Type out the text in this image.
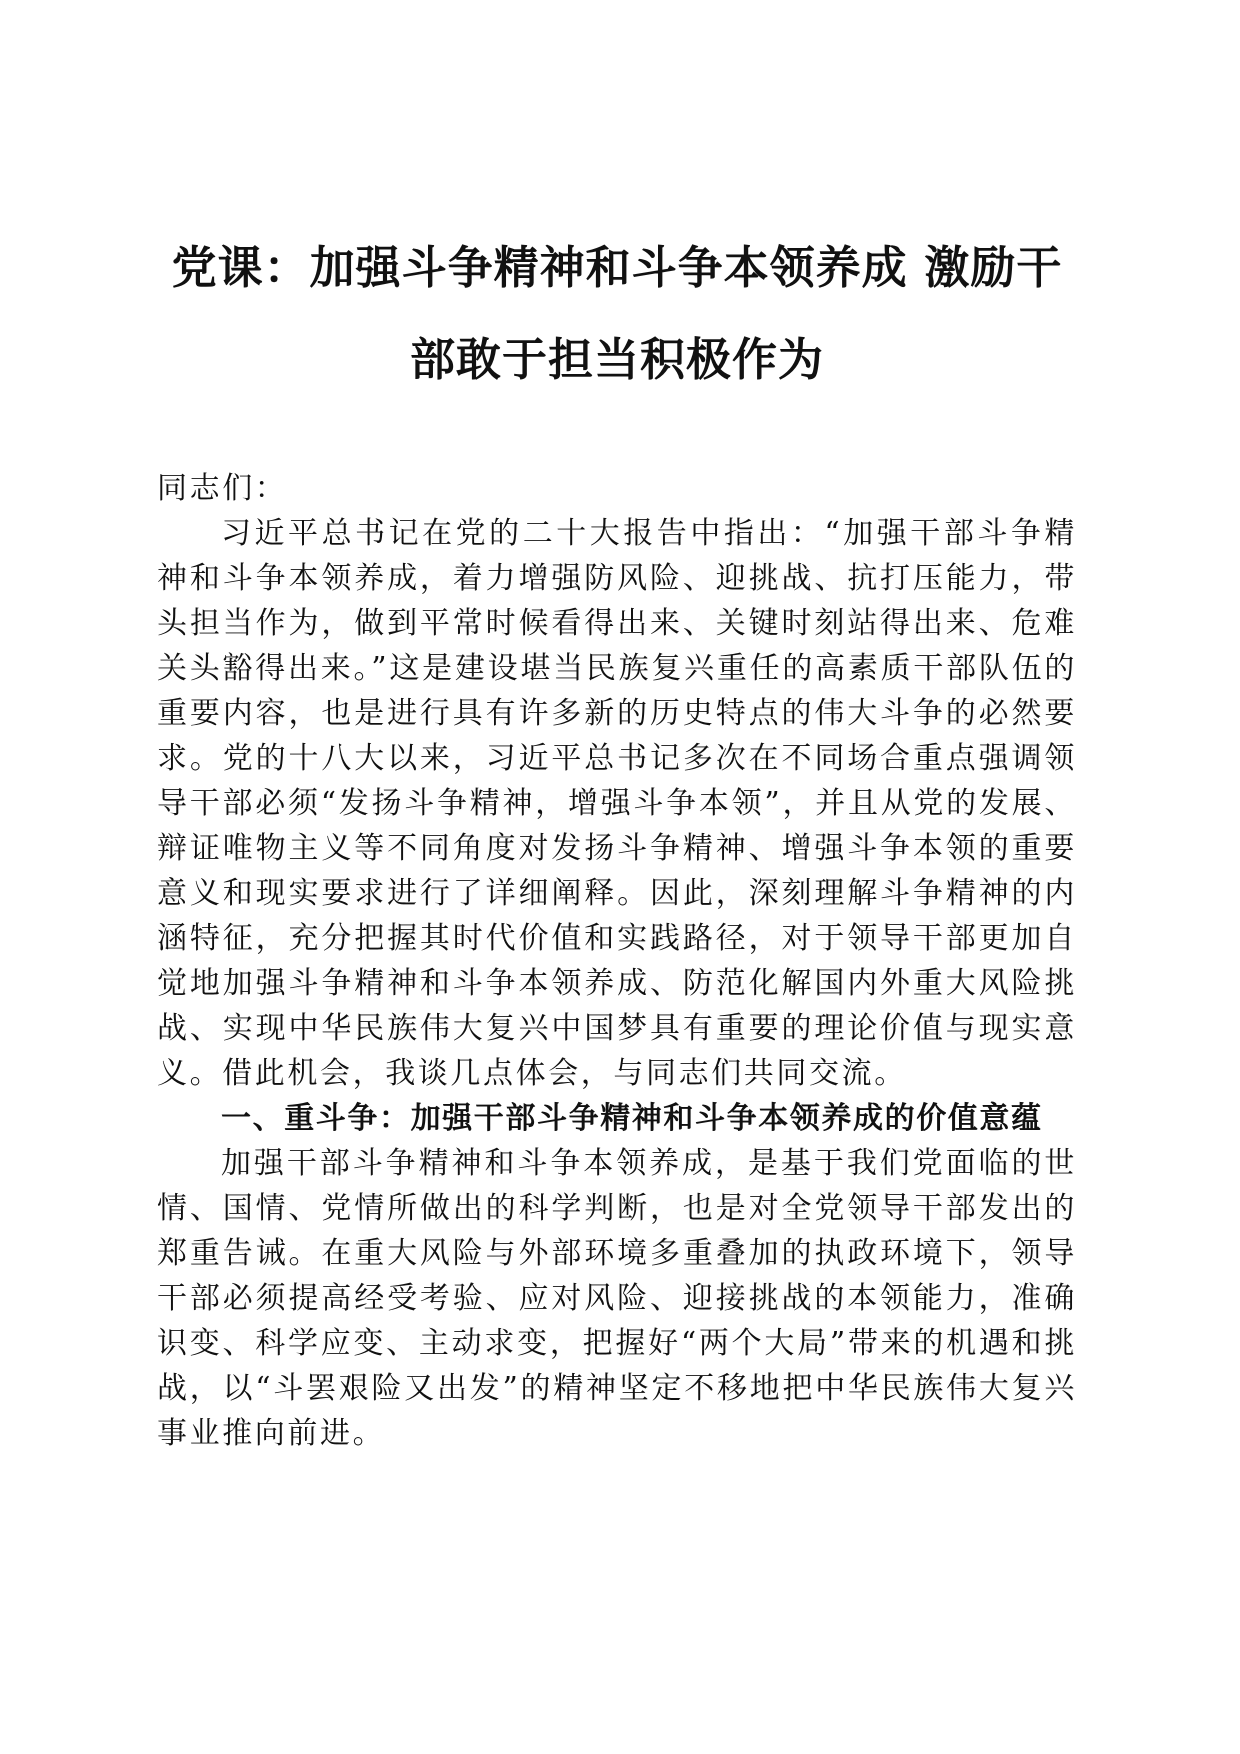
党课：加强斗争精神和斗争本领养成 激励干
部敢于担当积极作为

同志们：

习近平总书记在党的二十大报告中指出：“加强干部斗争精神和斗争本领养成，着力增强防风险、迎挑战、抗打压能力，带头担当作为，做到平常时候看得出来、关键时刻站得出来、危难关头豁得出来。”这是建设堪当民族复兴重任的高素质干部队伍的重要内容，也是进行具有许多新的历史特点的伟大斗争的必然要求。党的十八大以来，习近平总书记多次在不同场合重点强调领导干部必须“发扬斗争精神，增强斗争本领”，并且从党的发展、辩证唯物主义等不同角度对发扬斗争精神、增强斗争本领的重要意义和现实要求进行了详细阐释。因此，深刻理解斗争精神的内涵特征，充分把握其时代价值和实践路径，对于领导干部更加自觉地加强斗争精神和斗争本领养成、防范化解国内外重大风险挑战、实现中华民族伟大复兴中国梦具有重要的理论价值与现实意义。借此机会，我谈几点体会，与同志们共同交流。

一、重斗争：加强干部斗争精神和斗争本领养成的价值意蕴

加强干部斗争精神和斗争本领养成，是基于我们党面临的世情、国情、党情所做出的科学判断，也是对全党领导干部发出的郑重告诫。在重大风险与外部环境多重叠加的执政环境下，领导干部必须提高经受考验、应对风险、迎接挑战的本领能力，准确识变、科学应变、主动求变，把握好“两个大局”带来的机遇和挑战，以“斗罢艰险又出发”的精神坚定不移地把中华民族伟大复兴事业推向前进。
